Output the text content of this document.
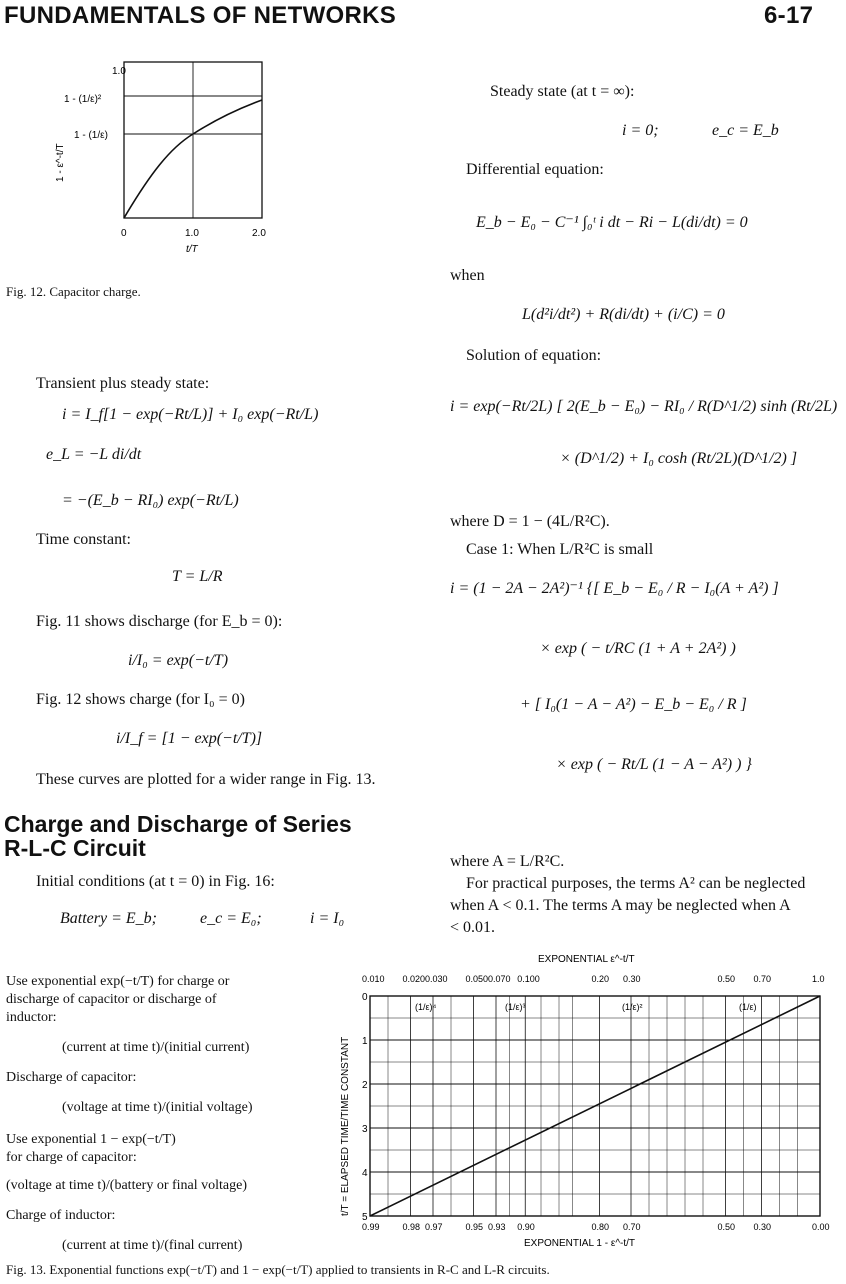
FUNDAMENTALS OF NETWORKS	6-17
1.0
1 - (1/ε)²
1 - (1/ε)
1 - ε^-t/T
0	1.0	2.0
t/T
Fig. 12. Capacitor charge.
Transient plus steady state:
i = I_f[1 − exp(−Rt/L)] + I₀ exp(−Rt/L)
e_L = −L di/dt
= −(E_b − RI₀) exp(−Rt/L)
Time constant:
T = L/R
Fig. 11 shows discharge (for E_b = 0):
i/I₀ = exp(−t/T)
Fig. 12 shows charge (for I₀ = 0)
i/I_f = [1 − exp(−t/T)]
These curves are plotted for a wider range in Fig. 13.
Charge and Discharge of Series
R-L-C Circuit
Initial conditions (at t = 0) in Fig. 16:
Battery = E_b;	e_c = E₀;	i = I₀
Steady state (at t = ∞):
i = 0;	e_c = E_b
Differential equation:
E_b − E₀ − C⁻¹ ∫₀ᵗ i dt − Ri − L(di/dt) = 0
when
L(d²i/dt²) + R(di/dt) + (i/C) = 0
Solution of equation:
i = exp(−Rt/2L) [ 2(E_b − E₀) − RI₀ / R(D^1/2) sinh (Rt/2L)
× (D^1/2) + I₀ cosh (Rt/2L)(D^1/2) ]
where D = 1 − (4L/R²C).
Case 1: When L/R²C is small
i = (1 − 2A − 2A²)⁻¹ {[ E_b − E₀ / R − I₀(A + A²) ]
× exp ( − t/RC (1 + A + 2A²) )
+ [ I₀(1 − A − A²) − E_b − E₀ / R ]
× exp ( − Rt/L (1 − A − A²) ) }
where A = L/R²C.
For practical purposes, the terms A² can be neglected
when A < 0.1. The terms A may be neglected when A
< 0.01.
Use exponential exp(−t/T) for charge or
discharge of capacitor or discharge of
inductor:
(current at time t)/(initial current)
Discharge of capacitor:
(voltage at time t)/(initial voltage)
Use exponential 1 − exp(−t/T)
for charge of capacitor:
(voltage at time t)/(battery or final voltage)
Charge of inductor:
(current at time t)/(final current)
EXPONENTIAL ε^-t/T
EXPONENTIAL 1 - ε^-t/T
t/T = ELAPSED TIME/TIME CONSTANT
0
1
2
3
4
5
0.010
0.99
0.020
0.98
0.030
0.97
0.050
0.95
0.070
0.93
0.100
0.90
0.20
0.80
0.30
0.70
0.50
0.50
0.70
0.30
1.0
0.00
(1/ε)⁴	(1/ε)³	(1/ε)²	(1/ε)
Fig. 13. Exponential functions exp(−t/T) and 1 − exp(−t/T) applied to transients in R-C and L-R circuits.
